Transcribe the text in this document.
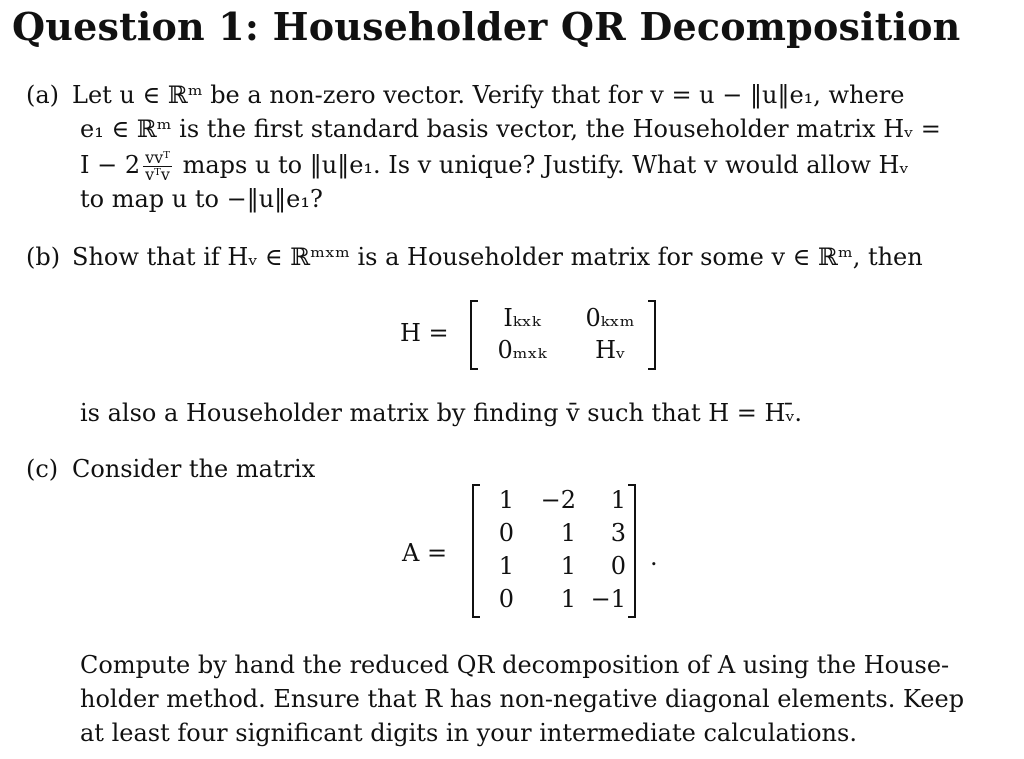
Question 1: Householder QR Decomposition
(a) Let u ∈ ℝᵐ be a non-zero vector. Verify that for v = u − ‖u‖e₁, where
e₁ ∈ ℝᵐ is the first standard basis vector, the Householder matrix Hᵥ =
$I - 2 \frac{\text{vvᵀ}}{\text{vᵀv}}$ maps u to ‖u‖e₁. Is v unique? Justify. What v would allow Hᵥ
to map u to −‖u‖e₁?
(b) Show that if Hᵥ ∈ ℝᵐˣᵐ is a Householder matrix for some v ∈ ℝᵐ, then
H =
Iₖₓₖ	0ₖₓₘ
0ₘₓₖ	Hᵥ
is also a Householder matrix by finding v̄ such that H = Hᵥ̄.
(c) Consider the matrix
A =
1	−2	1
0	1	3
1	1	0
0	1 −1
.
Compute by hand the reduced QR decomposition of A using the House-
holder method. Ensure that R has non-negative diagonal elements. Keep
at least four significant digits in your intermediate calculations.
